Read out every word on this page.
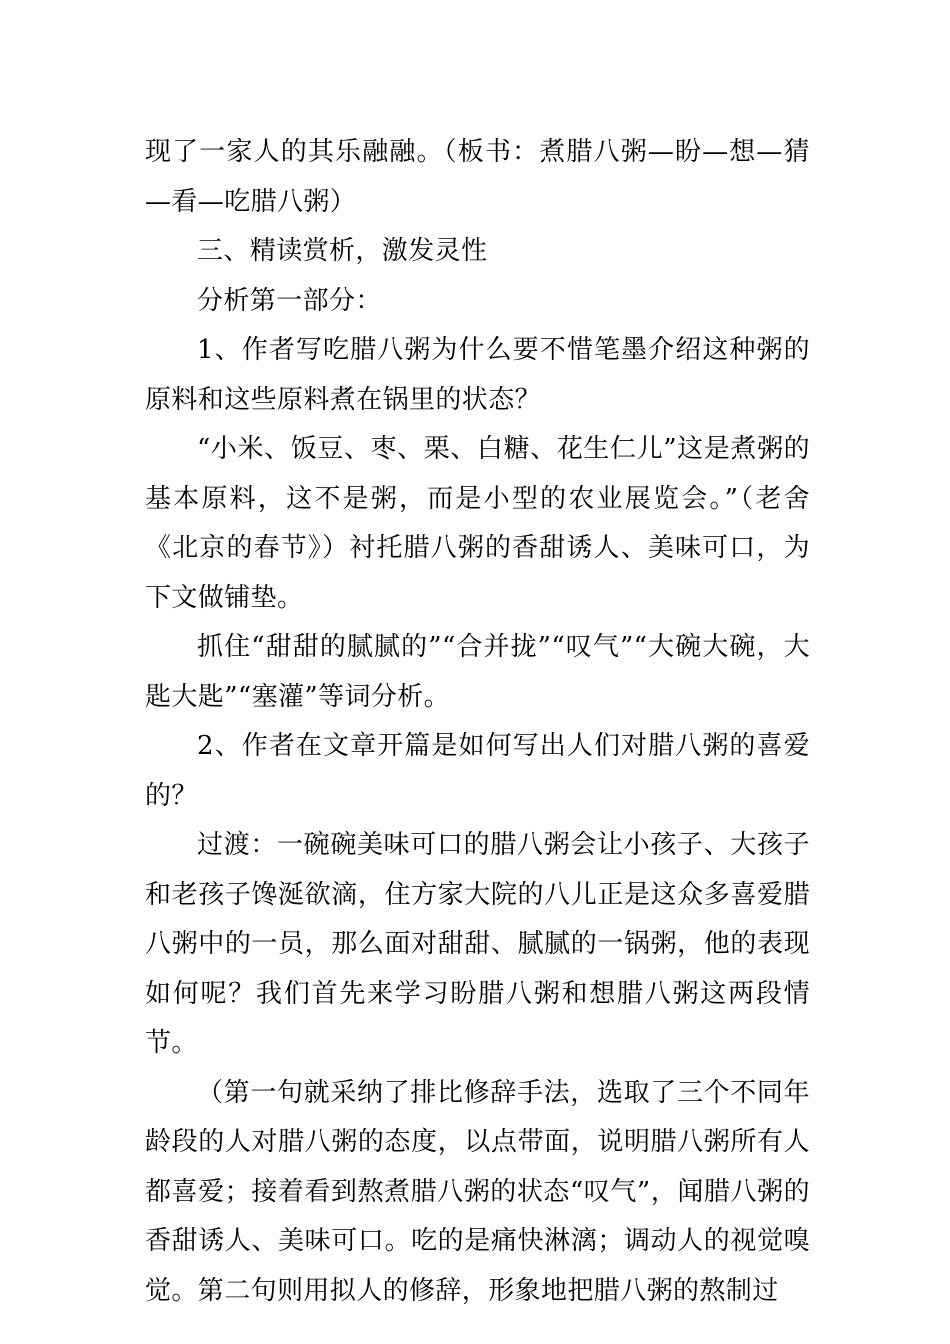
现了一家人的其乐融融。（板书：煮腊八粥—盼—想—猜—看—吃腊八粥）

三、精读赏析，激发灵性

分析第一部分：

1、作者写吃腊八粥为什么要不惜笔墨介绍这种粥的原料和这些原料煮在锅里的状态？

“小米、饭豆、枣、栗、白糖、花生仁儿”这是煮粥的基本原料，这不是粥，而是小型的农业展览会。”（老舍《北京的春节》）衬托腊八粥的香甜诱人、美味可口，为下文做铺垫。

抓住“甜甜的腻腻的”“合并拢”“叹气”“大碗大碗，大匙大匙”“塞灌”等词分析。

2、作者在文章开篇是如何写出人们对腊八粥的喜爱的？

过渡：一碗碗美味可口的腊八粥会让小孩子、大孩子和老孩子馋涎欲滴，住方家大院的八儿正是这众多喜爱腊八粥中的一员，那么面对甜甜、腻腻的一锅粥，他的表现如何呢？我们首先来学习盼腊八粥和想腊八粥这两段情节。

（第一句就采纳了排比修辞手法，选取了三个不同年龄段的人对腊八粥的态度，以点带面，说明腊八粥所有人都喜爱；接着看到熬煮腊八粥的状态“叹气”，闻腊八粥的香甜诱人、美味可口。吃的是痛快淋漓；调动人的视觉嗅觉。第二句则用拟人的修辞，形象地把腊八粥的熬制过
